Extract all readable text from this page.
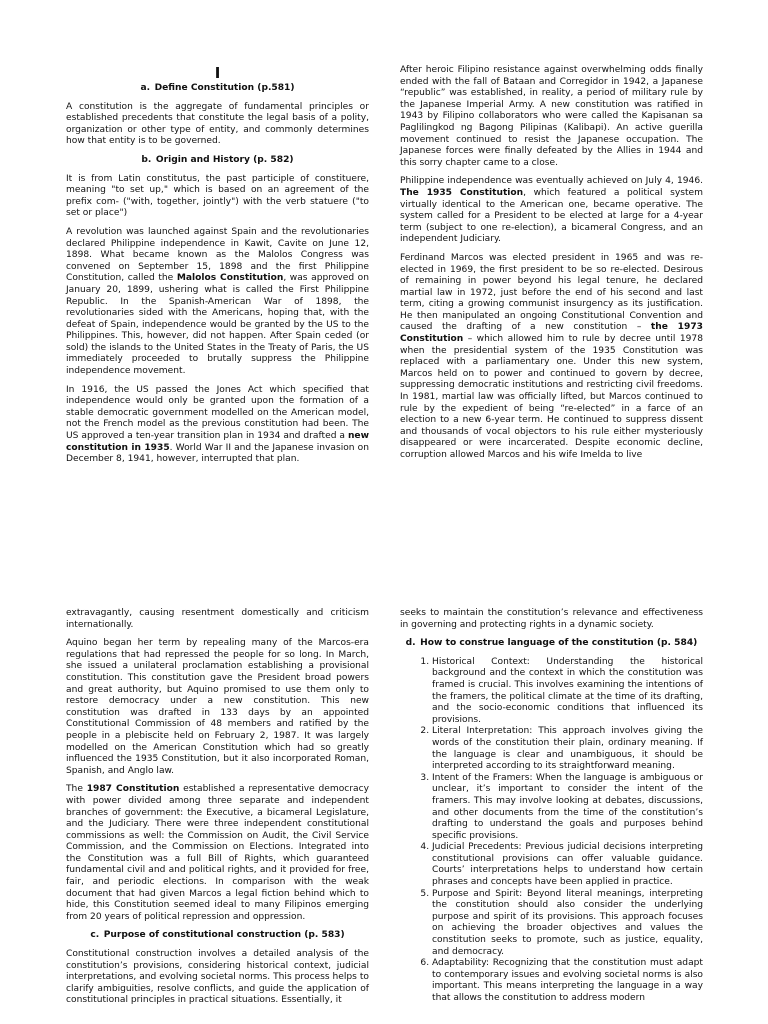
I
a. Define Constitution (p.581)

A constitution is the aggregate of fundamental principles or established precedents that constitute the legal basis of a polity, organization or other type of entity, and commonly determines how that entity is to be governed.

b. Origin and History (p. 582)

It is from Latin constitutus, the past participle of constituere, meaning "to set up," which is based on an agreement of the prefix com- ("with, together, jointly") with the verb statuere ("to set or place")

A revolution was launched against Spain and the revolutionaries declared Philippine independence in Kawit, Cavite on June 12, 1898. What became known as the Malolos Congress was convened on September 15, 1898 and the first Philippine Constitution, called the Malolos Constitution, was approved on January 20, 1899, ushering what is called the First Philippine Republic. In the Spanish-American War of 1898, the revolutionaries sided with the Americans, hoping that, with the defeat of Spain, independence would be granted by the US to the Philippines. This, however, did not happen. After Spain ceded (or sold) the islands to the United States in the Treaty of Paris, the US immediately proceeded to brutally suppress the Philippine independence movement.

In 1916, the US passed the Jones Act which specified that independence would only be granted upon the formation of a stable democratic government modelled on the American model, not the French model as the previous constitution had been. The US approved a ten-year transition plan in 1934 and drafted a new constitution in 1935. World War II and the Japanese invasion on December 8, 1941, however, interrupted that plan.

After heroic Filipino resistance against overwhelming odds finally ended with the fall of Bataan and Corregidor in 1942, a Japanese “republic” was established, in reality, a period of military rule by the Japanese Imperial Army. A new constitution was ratified in 1943 by Filipino collaborators who were called the Kapisanan sa Paglilingkod ng Bagong Pilipinas (Kalibapi). An active guerilla movement continued to resist the Japanese occupation. The Japanese forces were finally defeated by the Allies in 1944 and this sorry chapter came to a close.

Philippine independence was eventually achieved on July 4, 1946. The 1935 Constitution, which featured a political system virtually identical to the American one, became operative. The system called for a President to be elected at large for a 4-year term (subject to one re-election), a bicameral Congress, and an independent Judiciary.

Ferdinand Marcos was elected president in 1965 and was re-elected in 1969, the first president to be so re-elected. Desirous of remaining in power beyond his legal tenure, he declared martial law in 1972, just before the end of his second and last term, citing a growing communist insurgency as its justification. He then manipulated an ongoing Constitutional Convention and caused the drafting of a new constitution – the 1973 Constitution – which allowed him to rule by decree until 1978 when the presidential system of the 1935 Constitution was replaced with a parliamentary one. Under this new system, Marcos held on to power and continued to govern by decree, suppressing democratic institutions and restricting civil freedoms. In 1981, martial law was officially lifted, but Marcos continued to rule by the expedient of being “re-elected” in a farce of an election to a new 6-year term. He continued to suppress dissent and thousands of vocal objectors to his rule either mysteriously disappeared or were incarcerated. Despite economic decline, corruption allowed Marcos and his wife Imelda to live

extravagantly, causing resentment domestically and criticism internationally.

Aquino began her term by repealing many of the Marcos-era regulations that had repressed the people for so long. In March, she issued a unilateral proclamation establishing a provisional constitution. This constitution gave the President broad powers and great authority, but Aquino promised to use them only to restore democracy under a new constitution. This new constitution was drafted in 133 days by an appointed Constitutional Commission of 48 members and ratified by the people in a plebiscite held on February 2, 1987. It was largely modelled on the American Constitution which had so greatly influenced the 1935 Constitution, but it also incorporated Roman, Spanish, and Anglo law.

The 1987 Constitution established a representative democracy with power divided among three separate and independent branches of government: the Executive, a bicameral Legislature, and the Judiciary. There were three independent constitutional commissions as well: the Commission on Audit, the Civil Service Commission, and the Commission on Elections. Integrated into the Constitution was a full Bill of Rights, which guaranteed fundamental civil and and political rights, and it provided for free, fair, and periodic elections. In comparison with the weak document that had given Marcos a legal fiction behind which to hide, this Constitution seemed ideal to many Filipinos emerging from 20 years of political repression and oppression.

c. Purpose of constitutional construction (p. 583)

Constitutional construction involves a detailed analysis of the constitution’s provisions, considering historical context, judicial interpretations, and evolving societal norms. This process helps to clarify ambiguities, resolve conflicts, and guide the application of constitutional principles in practical situations. Essentially, it

seeks to maintain the constitution’s relevance and effectiveness in governing and protecting rights in a dynamic society.

d. How to construe language of the constitution (p. 584)
1. Historical Context: Understanding the historical background and the context in which the constitution was framed is crucial. This involves examining the intentions of the framers, the political climate at the time of its drafting, and the socio-economic conditions that influenced its provisions.
2. Literal Interpretation: This approach involves giving the words of the constitution their plain, ordinary meaning. If the language is clear and unambiguous, it should be interpreted according to its straightforward meaning.
3. Intent of the Framers: When the language is ambiguous or unclear, it’s important to consider the intent of the framers. This may involve looking at debates, discussions, and other documents from the time of the constitution’s drafting to understand the goals and purposes behind specific provisions.
4. Judicial Precedents: Previous judicial decisions interpreting constitutional provisions can offer valuable guidance. Courts’ interpretations helps to understand how certain phrases and concepts have been applied in practice.
5. Purpose and Spirit: Beyond literal meanings, interpreting the constitution should also consider the underlying purpose and spirit of its provisions. This approach focuses on achieving the broader objectives and values the constitution seeks to promote, such as justice, equality, and democracy.
6. Adaptability: Recognizing that the constitution must adapt to contemporary issues and evolving societal norms is also important. This means interpreting the language in a way that allows the constitution to address modern
